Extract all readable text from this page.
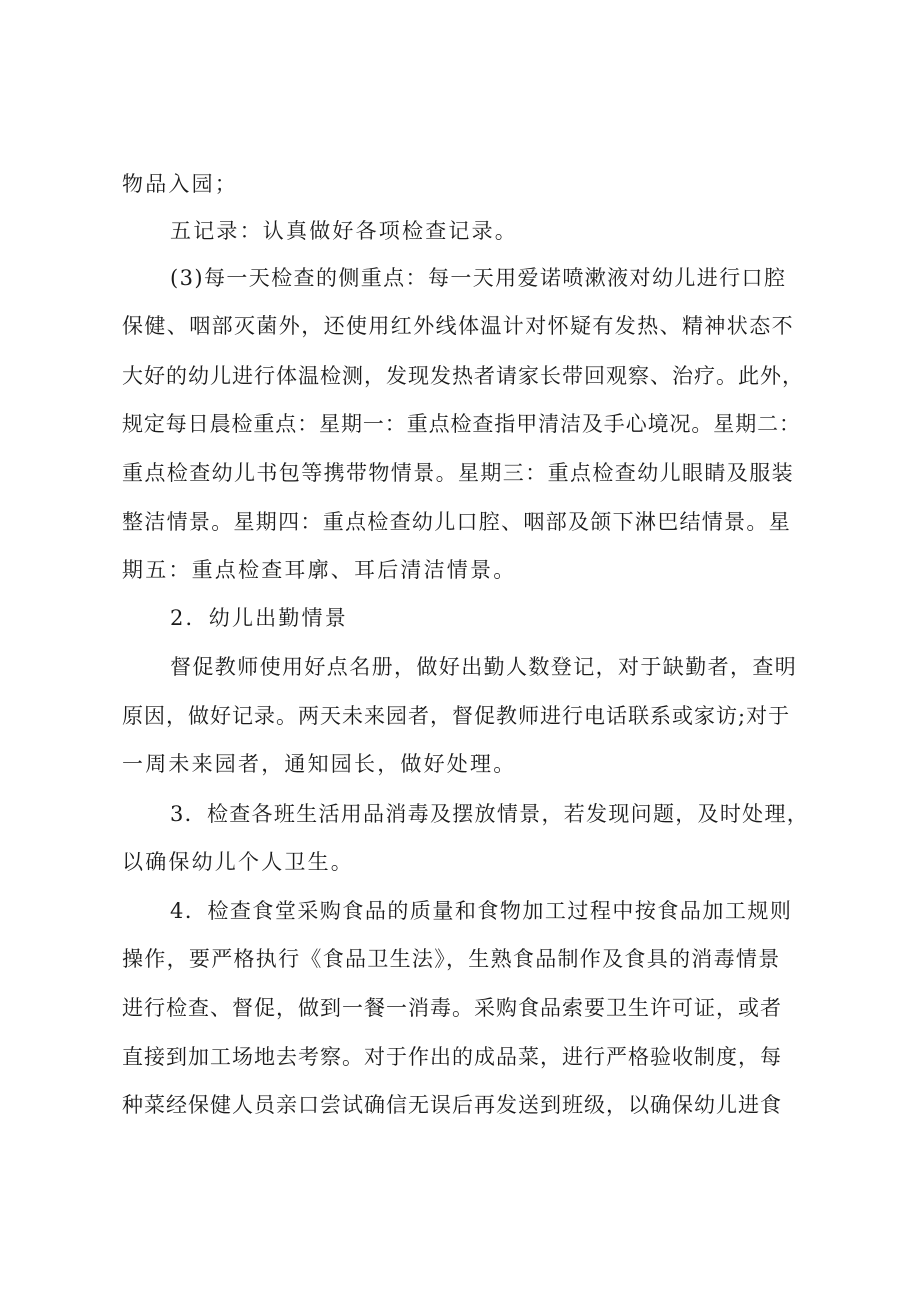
物品入园；
五记录：认真做好各项检查记录。
(3)每一天检查的侧重点：每一天用爱诺喷漱液对幼儿进行口腔
保健、咽部灭菌外，还使用红外线体温计对怀疑有发热、精神状态不
大好的幼儿进行体温检测，发现发热者请家长带回观察、治疗。此外，
规定每日晨检重点：星期一：重点检查指甲清洁及手心境况。星期二：
重点检查幼儿书包等携带物情景。星期三：重点检查幼儿眼睛及服装
整洁情景。星期四：重点检查幼儿口腔、咽部及颌下淋巴结情景。星
期五：重点检查耳廓、耳后清洁情景。
2．幼儿出勤情景
督促教师使用好点名册，做好出勤人数登记，对于缺勤者，查明
原因，做好记录。两天未来园者，督促教师进行电话联系或家访;对于
一周未来园者，通知园长，做好处理。
3．检查各班生活用品消毒及摆放情景，若发现问题，及时处理，
以确保幼儿个人卫生。
4．检查食堂采购食品的质量和食物加工过程中按食品加工规则
操作，要严格执行《食品卫生法》，生熟食品制作及食具的消毒情景
进行检查、督促，做到一餐一消毒。采购食品索要卫生许可证，或者
直接到加工场地去考察。对于作出的成品菜，进行严格验收制度，每
种菜经保健人员亲口尝试确信无误后再发送到班级，以确保幼儿进食
